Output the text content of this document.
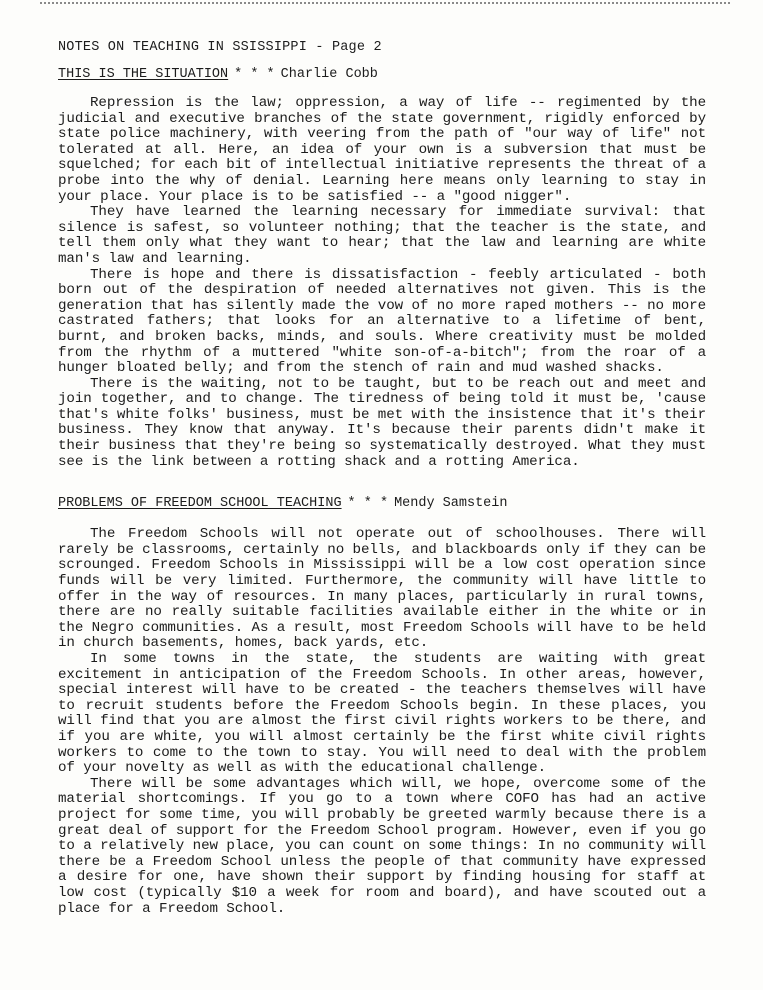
NOTES ON TEACHING IN SSISSIPPI - Page 2
THIS IS THE SITUATION * * * Charlie Cobb

Repression is the law; oppression, a way of life -- regimented by the judicial and executive branches of the state government, rigidly enforced by state police machinery, with veering from the path of "our way of life" not tolerated at all. Here, an idea of your own is a subversion that must be squelched; for each bit of intellectual initiative represents the threat of a probe into the why of denial. Learning here means only learning to stay in your place. Your place is to be satisfied -- a "good nigger".

They have learned the learning necessary for immediate survival: that silence is safest, so volunteer nothing; that the teacher is the state, and tell them only what they want to hear; that the law and learning are white man's law and learning.

There is hope and there is dissatisfaction - feebly articulated - both born out of the despiration of needed alternatives not given. This is the generation that has silently made the vow of no more raped mothers -- no more castrated fathers; that looks for an alternative to a lifetime of bent, burnt, and broken backs, minds, and souls. Where creativity must be molded from the rhythm of a muttered "white son-of-a-bitch"; from the roar of a hunger bloated belly; and from the stench of rain and mud washed shacks.

There is the waiting, not to be taught, but to be reach out and meet and join together, and to change. The tiredness of being told it must be, 'cause that's white folks' business, must be met with the insistence that it's their business. They know that anyway. It's because their parents didn't make it their business that they're being so systematically destroyed. What they must see is the link between a rotting shack and a rotting America.

PROBLEMS OF FREEDOM SCHOOL TEACHING * * * Mendy Samstein

The Freedom Schools will not operate out of schoolhouses. There will rarely be classrooms, certainly no bells, and blackboards only if they can be scrounged. Freedom Schools in Mississippi will be a low cost operation since funds will be very limited. Furthermore, the community will have little to offer in the way of resources. In many places, particularly in rural towns, there are no really suitable facilities available either in the white or in the Negro communities. As a result, most Freedom Schools will have to be held in church basements, homes, back yards, etc.

In some towns in the state, the students are waiting with great excitement in anticipation of the Freedom Schools. In other areas, however, special interest will have to be created - the teachers themselves will have to recruit students before the Freedom Schools begin. In these places, you will find that you are almost the first civil rights workers to be there, and if you are white, you will almost certainly be the first white civil rights workers to come to the town to stay. You will need to deal with the problem of your novelty as well as with the educational challenge.

There will be some advantages which will, we hope, overcome some of the material shortcomings. If you go to a town where COFO has had an active project for some time, you will probably be greeted warmly because there is a great deal of support for the Freedom School program. However, even if you go to a relatively new place, you can count on some things: In no community will there be a Freedom School unless the people of that community have expressed a desire for one, have shown their support by finding housing for staff at low cost (typically $10 a week for room and board), and have scouted out a place for a Freedom School.
